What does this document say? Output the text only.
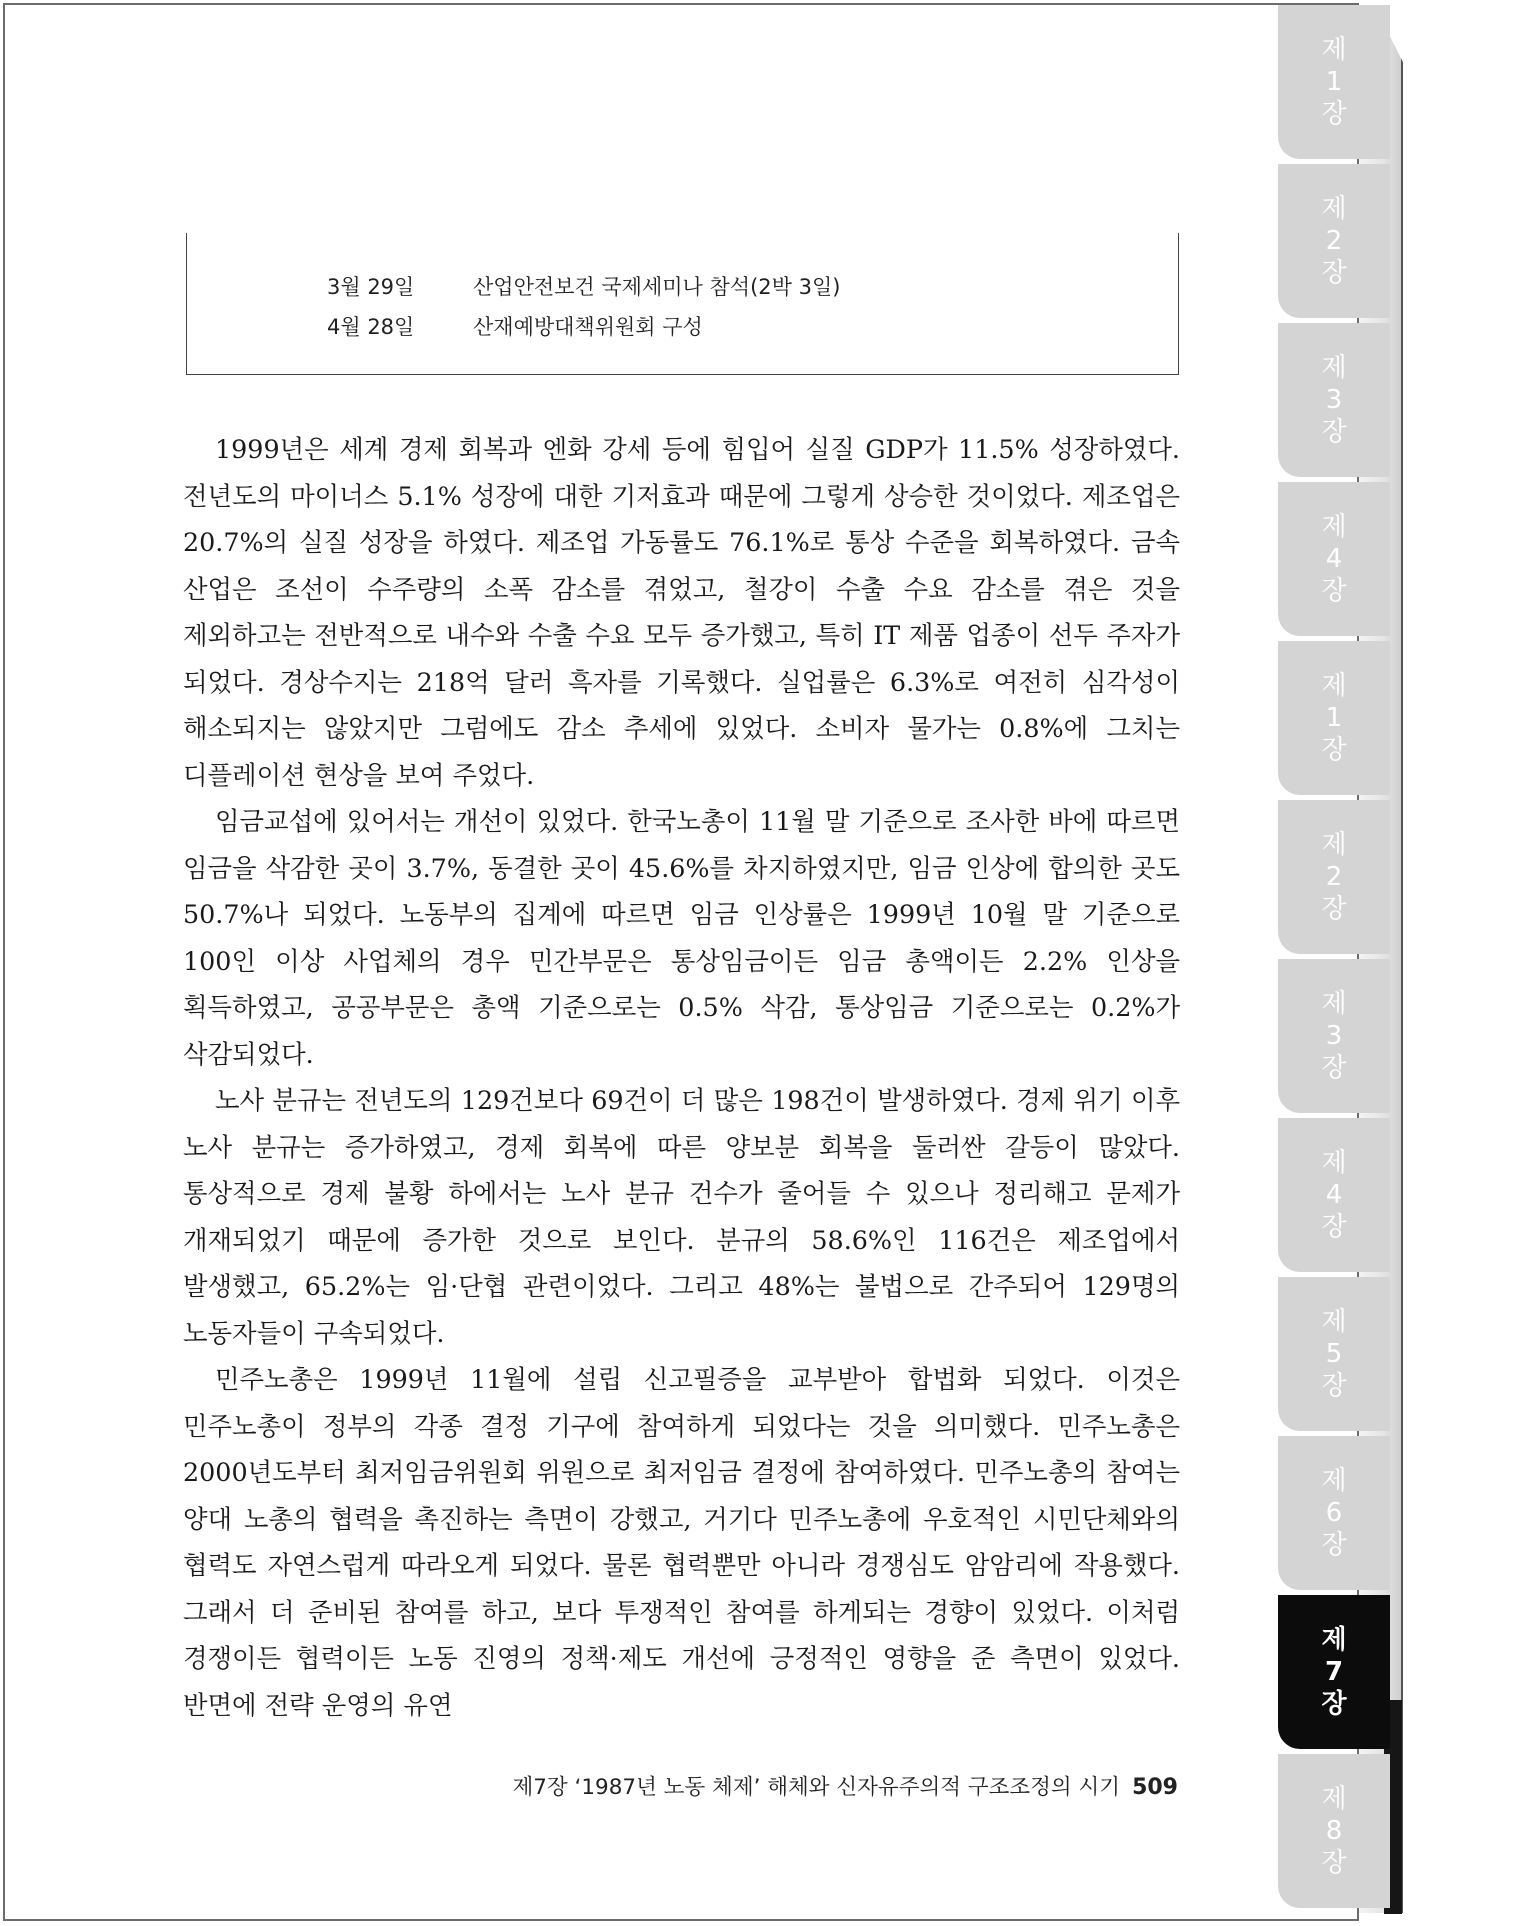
제
1
장
제
2
장
제
3
장
제
4
장
제
1
장
제
2
장
제
3
장
제
4
장
제
5
장
제
6
장
제
7
장
제
8
장
3월 29일	산업안전보건 국제세미나 참석(2박 3일)
4월 28일	산재예방대책위원회 구성

1999년은 세계 경제 회복과 엔화 강세 등에 힘입어 실질 GDP가 11.5% 성장하였다. 전년도의 마이너스 5.1% 성장에 대한 기저효과 때문에 그렇게 상승한 것이었다. 제조업은 20.7%의 실질 성장을 하였다. 제조업 가동률도 76.1%로 통상 수준을 회복하였다. 금속 산업은 조선이 수주량의 소폭 감소를 겪었고, 철강이 수출 수요 감소를 겪은 것을 제외하고는 전반적으로 내수와 수출 수요 모두 증가했고, 특히 IT 제품 업종이 선두 주자가 되었다. 경상수지는 218억 달러 흑자를 기록했다. 실업률은 6.3%로 여전히 심각성이 해소되지는 않았지만 그럼에도 감소 추세에 있었다. 소비자 물가는 0.8%에 그치는 디플레이션 현상을 보여 주었다.

임금교섭에 있어서는 개선이 있었다. 한국노총이 11월 말 기준으로 조사한 바에 따르면 임금을 삭감한 곳이 3.7%, 동결한 곳이 45.6%를 차지하였지만, 임금 인상에 합의한 곳도 50.7%나 되었다. 노동부의 집계에 따르면 임금 인상률은 1999년 10월 말 기준으로 100인 이상 사업체의 경우 민간부문은 통상임금이든 임금 총액이든 2.2% 인상을 획득하였고, 공공부문은 총액 기준으로는 0.5% 삭감, 통상임금 기준으로는 0.2%가 삭감되었다.

노사 분규는 전년도의 129건보다 69건이 더 많은 198건이 발생하였다. 경제 위기 이후 노사 분규는 증가하였고, 경제 회복에 따른 양보분 회복을 둘러싼 갈등이 많았다. 통상적으로 경제 불황 하에서는 노사 분규 건수가 줄어들 수 있으나 정리해고 문제가 개재되었기 때문에 증가한 것으로 보인다. 분규의 58.6%인 116건은 제조업에서 발생했고, 65.2%는 임·단협 관련이었다. 그리고 48%는 불법으로 간주되어 129명의 노동자들이 구속되었다.

민주노총은 1999년 11월에 설립 신고필증을 교부받아 합법화 되었다. 이것은 민주노총이 정부의 각종 결정 기구에 참여하게 되었다는 것을 의미했다. 민주노총은 2000년도부터 최저임금위원회 위원으로 최저임금 결정에 참여하였다. 민주노총의 참여는 양대 노총의 협력을 촉진하는 측면이 강했고, 거기다 민주노총에 우호적인 시민단체와의 협력도 자연스럽게 따라오게 되었다. 물론 협력뿐만 아니라 경쟁심도 암암리에 작용했다. 그래서 더 준비된 참여를 하고, 보다 투쟁적인 참여를 하게되는 경향이 있었다. 이처럼 경쟁이든 협력이든 노동 진영의 정책·제도 개선에 긍정적인 영향을 준 측면이 있었다. 반면에 전략 운영의 유연

제7장 ‘1987년 노동 체제’ 해체와 신자유주의적 구조조정의 시기 509
